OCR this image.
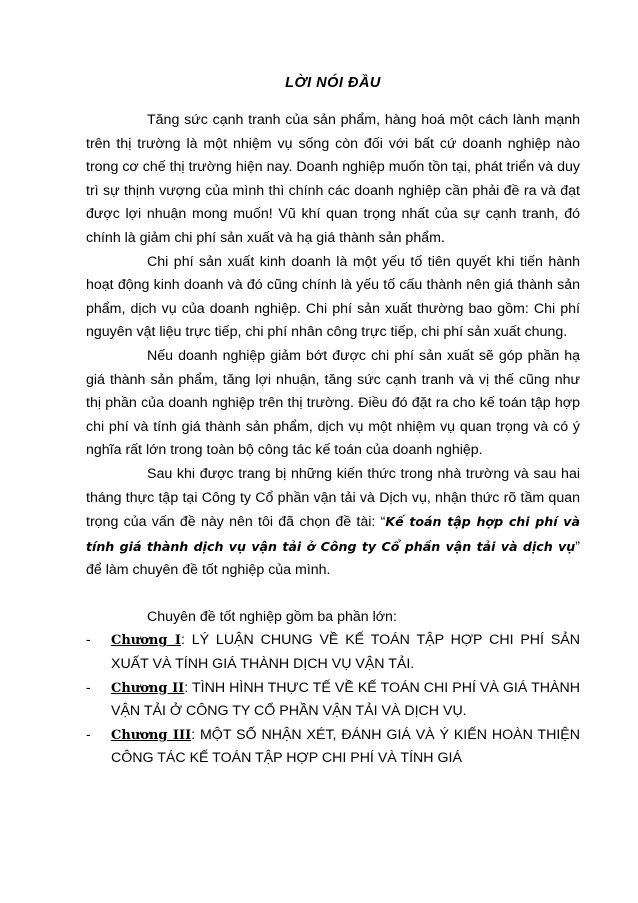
LỜI NÓI ĐẦU

Tăng sức cạnh tranh của sản phẩm, hàng hoá một cách lành mạnh trên thị trường là một nhiệm vụ sống còn đối với bất cứ doanh nghiệp nào trong cơ chế thị trường hiện nay. Doanh nghiệp muốn tồn tại, phát triển và duy trì sự thịnh vượng của mình thì chính các doanh nghiệp cần phải đề ra và đạt được lợi nhuận mong muốn! Vũ khí quan trọng nhất của sự cạnh tranh, đó chính là giảm chi phí sản xuất và hạ giá thành sản phẩm.

Chi phí sản xuất kinh doanh là một yếu tố tiên quyết khi tiến hành hoạt động kinh doanh và đó cũng chính là yếu tố cấu thành nên giá thành sản phẩm, dịch vụ của doanh nghiệp. Chi phí sản xuất thường bao gồm: Chi phí nguyên vật liệu trực tiếp, chi phí nhân công trực tiếp, chi phí sản xuất chung.

Nếu doanh nghiệp giảm bớt được chi phí sản xuất sẽ góp phần hạ giá thành sản phẩm, tăng lợi nhuận, tăng sức cạnh tranh và vị thế cũng như thị phần của doanh nghiệp trên thị trường. Điều đó đặt ra cho kế toán tập hợp chi phí và tính giá thành sản phẩm, dịch vụ một nhiệm vụ quan trọng và có ý nghĩa rất lớn trong toàn bộ công tác kế toán của doanh nghiệp.

Sau khi được trang bị những kiến thức trong nhà trường và sau hai tháng thực tập tại Công ty Cổ phần vận tải và Dịch vụ, nhận thức rõ tầm quan trọng của vấn đề này nên tôi đã chọn đề tài: “Kế toán tập hợp chi phí và tính giá thành dịch vụ vận tải ở Công ty Cổ phần vận tải và dịch vụ” để làm chuyên đề tốt nghiệp của mình.

Chuyên đề tốt nghiệp gồm ba phần lớn:

- Chương I: LÝ LUẬN CHUNG VỀ KẾ TOÁN TẬP HỢP CHI PHÍ SẢN XUẤT VÀ TÍNH GIÁ THÀNH DỊCH VỤ VẬN TẢI.
- Chương II: TÌNH HÌNH THỰC TẾ VỀ KẾ TOÁN CHI PHÍ VÀ GIÁ THÀNH VẬN TẢI Ở CÔNG TY CỔ PHẦN VẬN TẢI VÀ DỊCH VỤ.
- Chương III: MỘT SỐ NHẬN XÉT, ĐÁNH GIÁ VÀ Ý KIẾN HOÀN THIỆN CÔNG TÁC KẾ TOÁN TẬP HỢP CHI PHÍ VÀ TÍNH GIÁ
